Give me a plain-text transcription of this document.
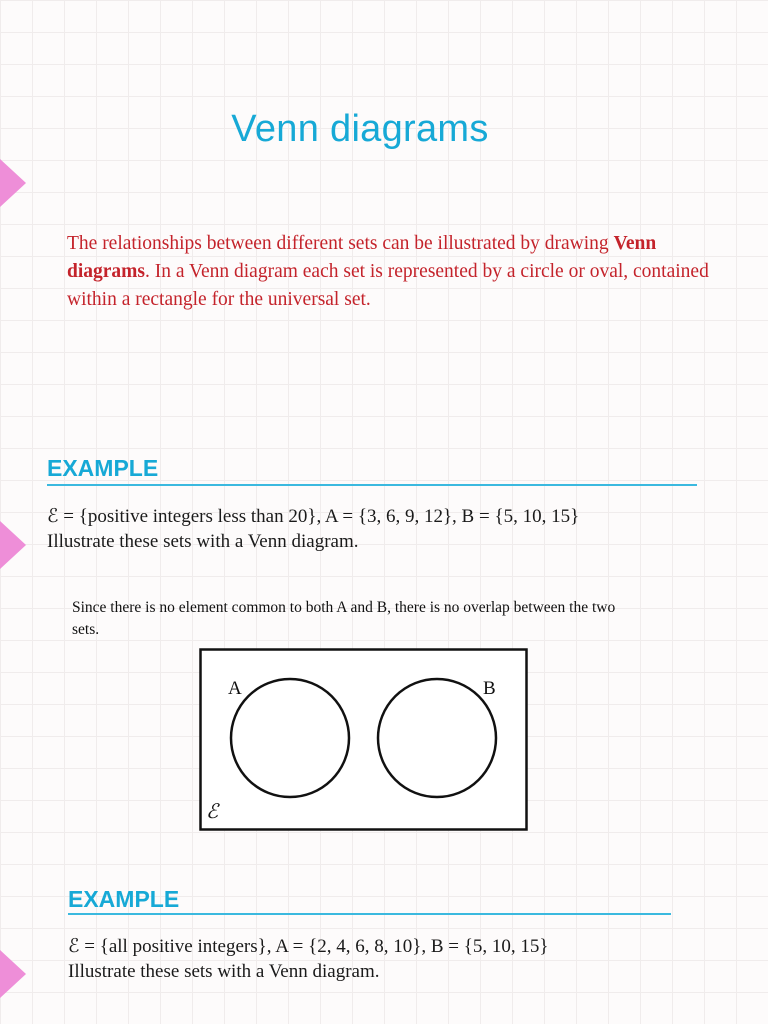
Venn diagrams
The relationships between different sets can be illustrated by drawing Venn diagrams. In a Venn diagram each set is represented by a circle or oval, contained within a rectangle for the universal set.
EXAMPLE
ℰ = {positive integers less than 20}, A = {3, 6, 9, 12}, B = {5, 10, 15}
Illustrate these sets with a Venn diagram.
Since there is no element common to both A and B, there is no overlap between the two sets.
A	B
ℰ
EXAMPLE
ℰ = {all positive integers}, A = {2, 4, 6, 8, 10}, B = {5, 10, 15}
Illustrate these sets with a Venn diagram.
